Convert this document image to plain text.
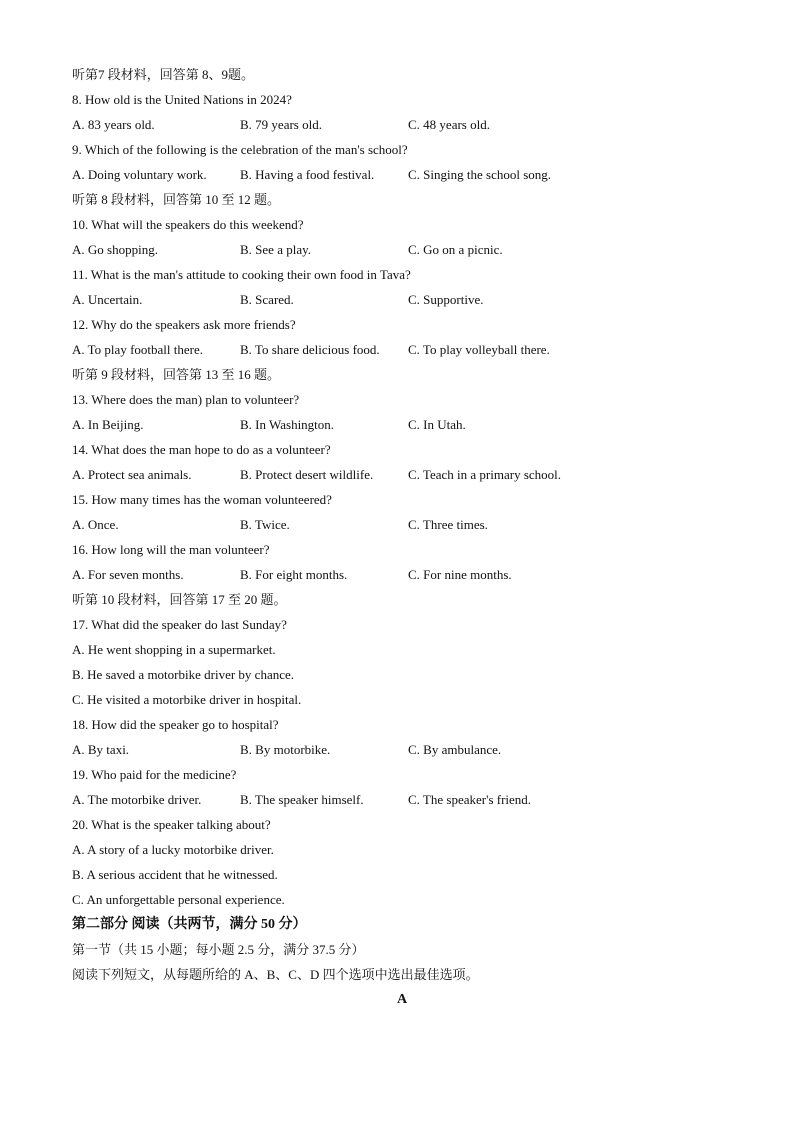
听第7 段材料，回答第 8、9题。
8. How old is the United Nations in 2024?
A. 83 years old.	B. 79 years old.	C. 48 years old.
9. Which of the following is the celebration of the man's school?
A. Doing voluntary work.	B. Having a food festival.	C. Singing the school song.
听第 8 段材料，回答第 10 至 12 题。
10. What will the speakers do this weekend?
A. Go shopping.	B. See a play.	C. Go on a picnic.
11. What is the man's attitude to cooking their own food in Tava?
A. Uncertain.	B. Scared.	C. Supportive.
12. Why do the speakers ask more friends?
A. To play football there.	B. To share delicious food. C. To play volleyball there.
听第 9 段材料，回答第 13 至 16 题。
13. Where does the man) plan to volunteer?
A. In Beijing.	B. In Washington.	C. In Utah.
14. What does the man hope to do as a volunteer?
A. Protect sea animals.	B. Protect desert wildlife.	C. Teach in a primary school.
15. How many times has the woman volunteered?
A. Once.	B. Twice.	C. Three times.
16. How long will the man volunteer?
A. For seven months.	B. For eight months.	C. For nine months.
听第 10 段材料，回答第 17 至 20 题。
17. What did the speaker do last Sunday?
A. He went shopping in a supermarket.
B. He saved a motorbike driver by chance.
C. He visited a motorbike driver in hospital.
18. How did the speaker go to hospital?
A. By taxi.	B. By motorbike.	C. By ambulance.
19. Who paid for the medicine?
A. The motorbike driver.	B. The speaker himself.	C. The speaker's friend.
20. What is the speaker talking about?
A. A story of a lucky motorbike driver.
B. A serious accident that he witnessed.
C. An unforgettable personal experience.
第二部分 阅读（共两节，满分 50 分）
第一节（共 15 小题；每小题 2.5 分，满分 37.5 分）
阅读下列短文，从每题所给的 A、B、C、D 四个选项中选出最佳选项。
A
